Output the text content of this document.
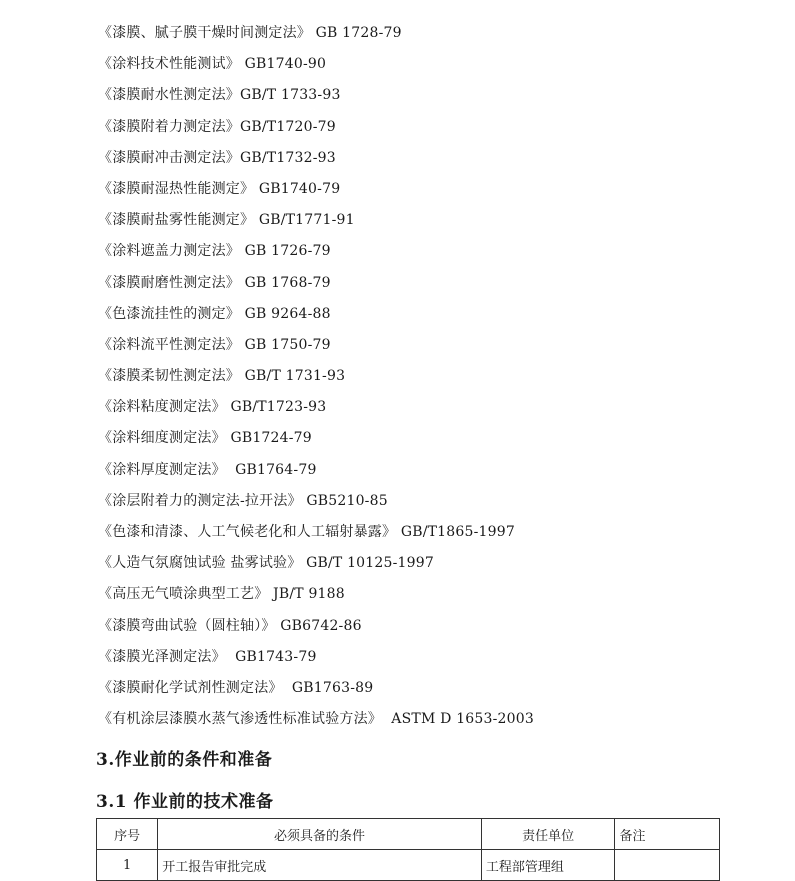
《漆膜、腻子膜干燥时间测定法》 GB 1728-79
《涂料技术性能测试》 GB1740-90
《漆膜耐水性测定法》GB/T 1733-93
《漆膜附着力测定法》GB/T1720-79
《漆膜耐冲击测定法》GB/T1732-93
《漆膜耐湿热性能测定》 GB1740-79
《漆膜耐盐雾性能测定》 GB/T1771-91
《涂料遮盖力测定法》 GB 1726-79
《漆膜耐磨性测定法》 GB 1768-79
《色漆流挂性的测定》 GB 9264-88
《涂料流平性测定法》 GB 1750-79
《漆膜柔韧性测定法》 GB/T 1731-93
《涂料粘度测定法》 GB/T1723-93
《涂料细度测定法》 GB1724-79
《涂料厚度测定法》  GB1764-79
《涂层附着力的测定法-拉开法》 GB5210-85
《色漆和清漆、人工气候老化和人工辐射暴露》 GB/T1865-1997
《人造气氛腐蚀试验 盐雾试验》 GB/T 10125-1997
《高压无气喷涂典型工艺》 JB/T 9188
《漆膜弯曲试验（圆柱轴）》 GB6742-86
《漆膜光泽测定法》  GB1743-79
《漆膜耐化学试剂性测定法》  GB1763-89
《有机涂层漆膜水蒸气渗透性标准试验方法》  ASTM D 1653-2003
3.作业前的条件和准备
3.1 作业前的技术准备
序号	必须具备的条件	责任单位	备注
1	开工报告审批完成	工程部管理组	
